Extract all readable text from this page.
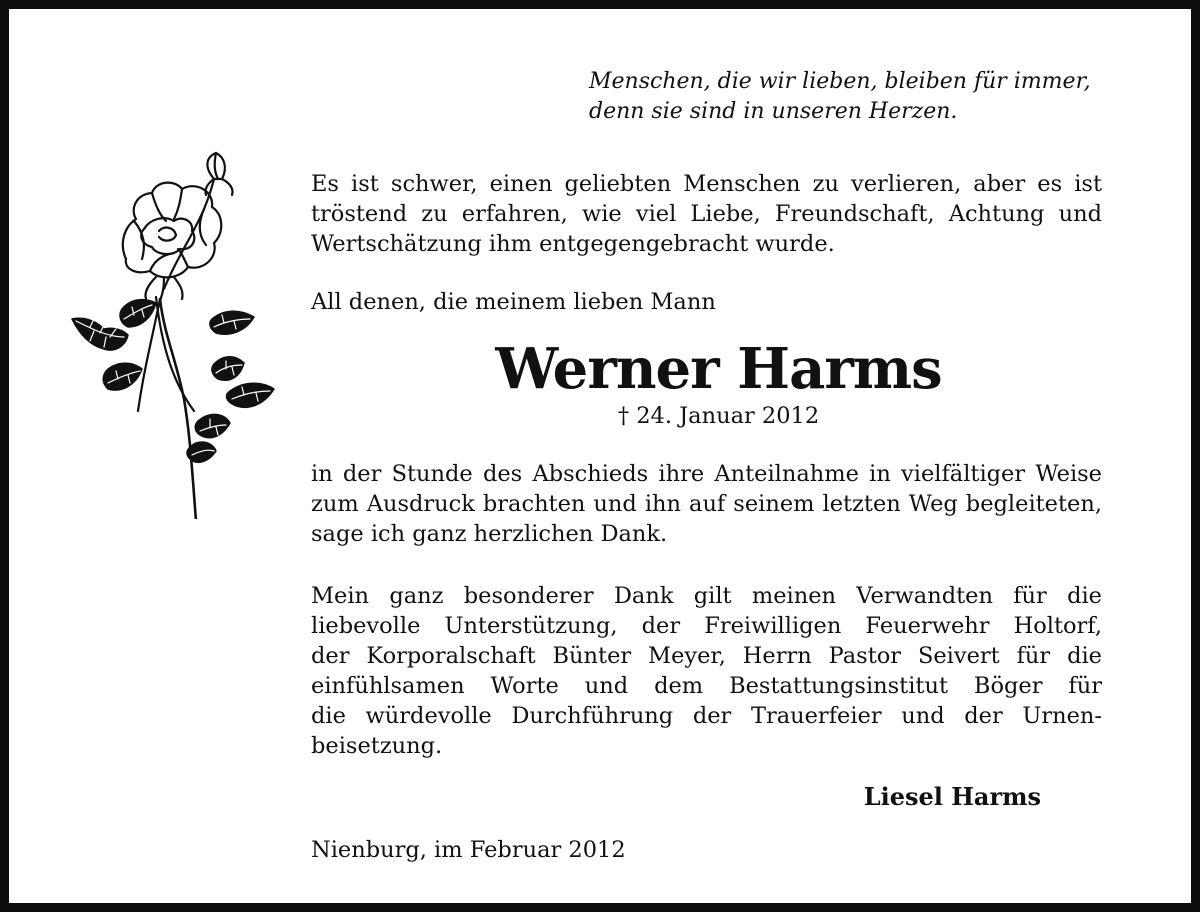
Menschen, die wir lieben, bleiben für immer,
denn sie sind in unseren Herzen.
Es ist schwer, einen geliebten Menschen zu verlieren, aber es ist
tröstend zu erfahren, wie viel Liebe, Freundschaft, Achtung und
Wertschätzung ihm entgegengebracht wurde.
All denen, die meinem lieben Mann
Werner Harms
† 24. Januar 2012
in der Stunde des Abschieds ihre Anteilnahme in vielfältiger Weise
zum Ausdruck brachten und ihn auf seinem letzten Weg begleiteten,
sage ich ganz herzlichen Dank.
Mein ganz besonderer Dank gilt meinen Verwandten für die
liebevolle Unterstützung, der Freiwilligen Feuerwehr Holtorf,
der Korporalschaft Bünter Meyer, Herrn Pastor Seivert für die
einfühlsamen Worte und dem Bestattungsinstitut Böger für
die würdevolle Durchführung der Trauerfeier und der Urnen-
beisetzung.
Liesel Harms
Nienburg, im Februar 2012
